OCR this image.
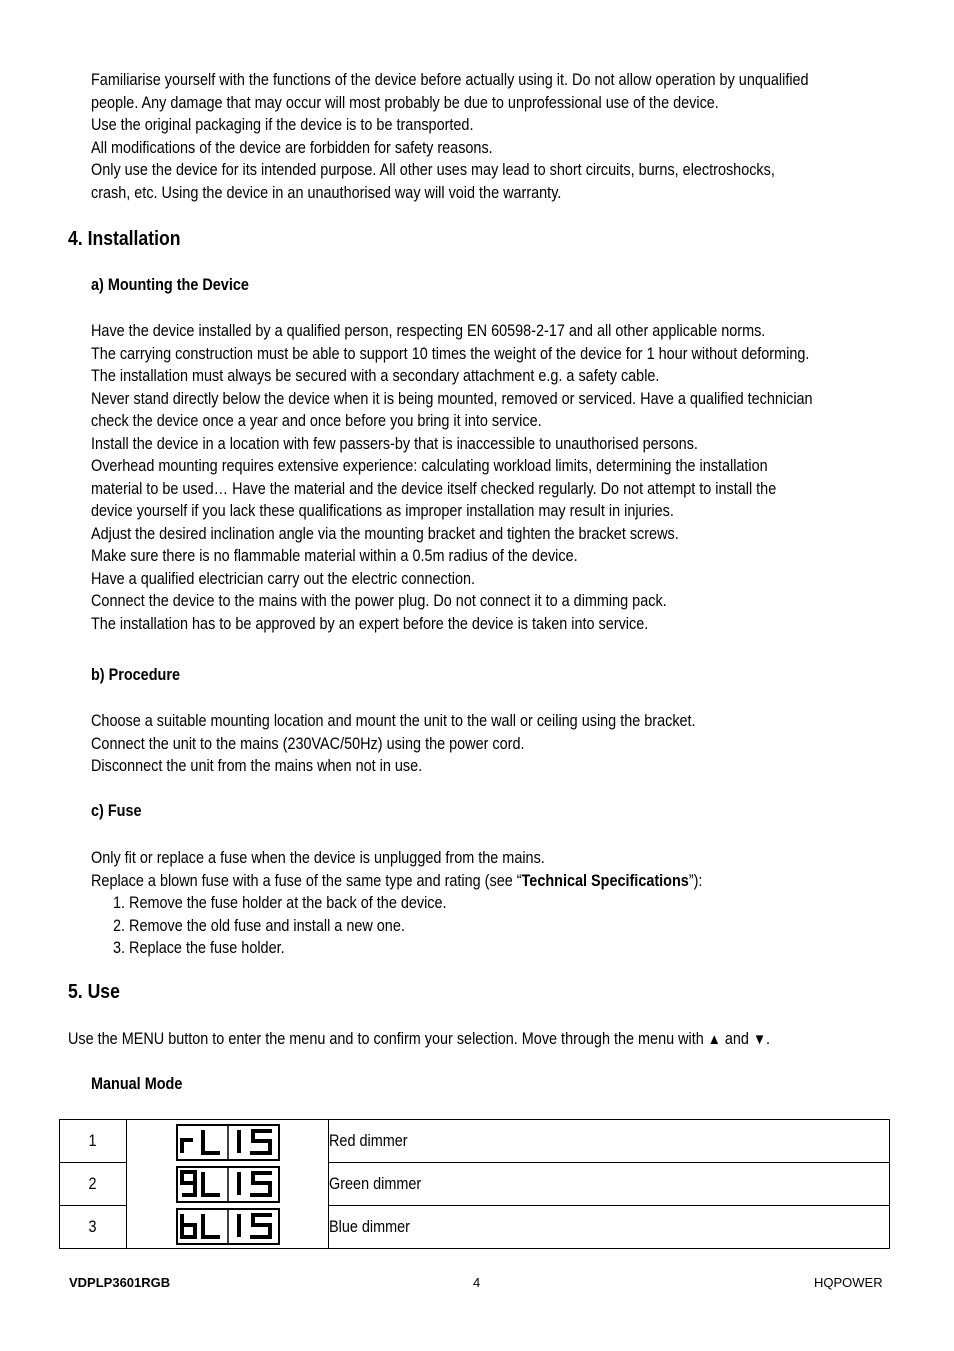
Familiarise yourself with the functions of the device before actually using it. Do not allow operation by unqualified

people. Any damage that may occur will most probably be due to unprofessional use of the device.

Use the original packaging if the device is to be transported.

All modifications of the device are forbidden for safety reasons.

Only use the device for its intended purpose. All other uses may lead to short circuits, burns, electroshocks,

crash, etc. Using the device in an unauthorised way will void the warranty.

4. Installation
a) Mounting the Device

Have the device installed by a qualified person, respecting EN 60598-2-17 and all other applicable norms.

The carrying construction must be able to support 10 times the weight of the device for 1 hour without deforming.

The installation must always be secured with a secondary attachment e.g. a safety cable.

Never stand directly below the device when it is being mounted, removed or serviced. Have a qualified technician

check the device once a year and once before you bring it into service.

Install the device in a location with few passers-by that is inaccessible to unauthorised persons.

Overhead mounting requires extensive experience: calculating workload limits, determining the installation

material to be used… Have the material and the device itself checked regularly. Do not attempt to install the

device yourself if you lack these qualifications as improper installation may result in injuries.

Adjust the desired inclination angle via the mounting bracket and tighten the bracket screws.

Make sure there is no flammable material within a 0.5m radius of the device.

Have a qualified electrician carry out the electric connection.

Connect the device to the mains with the power plug. Do not connect it to a dimming pack.

The installation has to be approved by an expert before the device is taken into service.

b) Procedure

Choose a suitable mounting location and mount the unit to the wall or ceiling using the bracket.

Connect the unit to the mains (230VAC/50Hz) using the power cord.

Disconnect the unit from the mains when not in use.

c) Fuse

Only fit or replace a fuse when the device is unplugged from the mains.

Replace a blown fuse with a fuse of the same type and rating (see “Technical Specifications”):

1. Remove the fuse holder at the back of the device.
2. Remove the old fuse and install a new one.
3. Replace the fuse holder.
5. Use
Use the MENU button to enter the menu and to confirm your selection. Move through the menu with ▲ and ▼.
Manual Mode
1		Red dimmer
2		Green dimmer
3		Blue dimmer
VDPLP3601RGB	4	HQPOWER
